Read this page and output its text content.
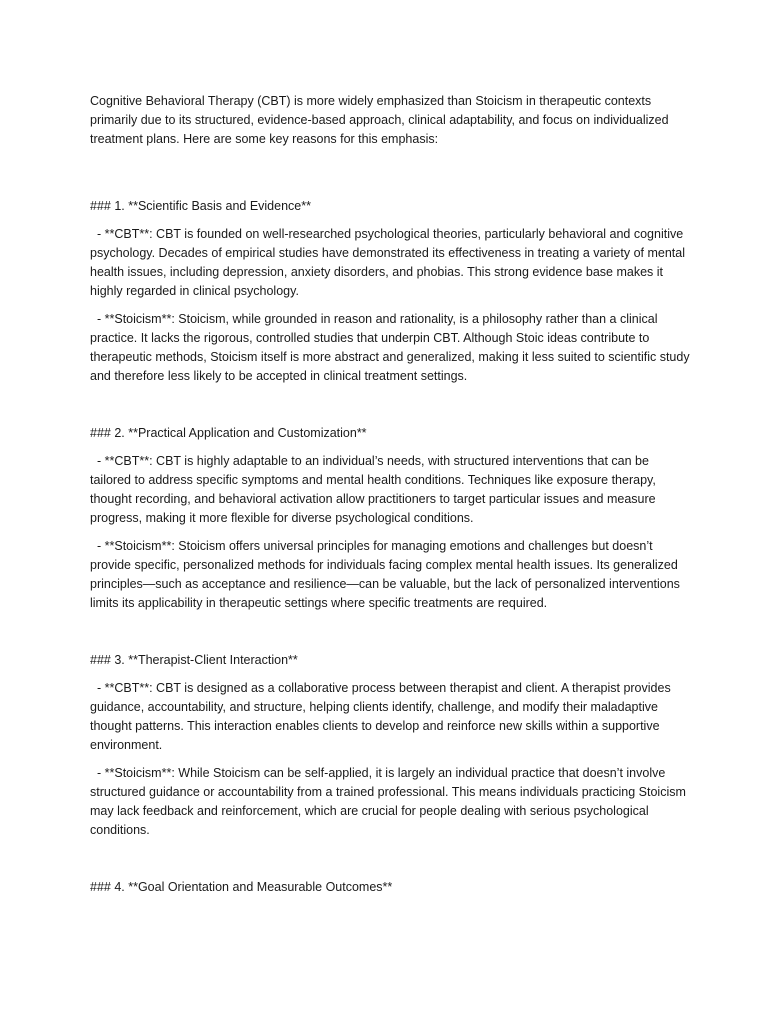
Cognitive Behavioral Therapy (CBT) is more widely emphasized than Stoicism in therapeutic contexts primarily due to its structured, evidence-based approach, clinical adaptability, and focus on individualized treatment plans. Here are some key reasons for this emphasis:

### 1. **Scientific Basis and Evidence**

- **CBT**: CBT is founded on well-researched psychological theories, particularly behavioral and cognitive psychology. Decades of empirical studies have demonstrated its effectiveness in treating a variety of mental health issues, including depression, anxiety disorders, and phobias. This strong evidence base makes it highly regarded in clinical psychology.

- **Stoicism**: Stoicism, while grounded in reason and rationality, is a philosophy rather than a clinical practice. It lacks the rigorous, controlled studies that underpin CBT. Although Stoic ideas contribute to therapeutic methods, Stoicism itself is more abstract and generalized, making it less suited to scientific study and therefore less likely to be accepted in clinical treatment settings.

### 2. **Practical Application and Customization**

- **CBT**: CBT is highly adaptable to an individual’s needs, with structured interventions that can be tailored to address specific symptoms and mental health conditions. Techniques like exposure therapy, thought recording, and behavioral activation allow practitioners to target particular issues and measure progress, making it more flexible for diverse psychological conditions.

- **Stoicism**: Stoicism offers universal principles for managing emotions and challenges but doesn’t provide specific, personalized methods for individuals facing complex mental health issues. Its generalized principles—such as acceptance and resilience—can be valuable, but the lack of personalized interventions limits its applicability in therapeutic settings where specific treatments are required.

### 3. **Therapist-Client Interaction**

- **CBT**: CBT is designed as a collaborative process between therapist and client. A therapist provides guidance, accountability, and structure, helping clients identify, challenge, and modify their maladaptive thought patterns. This interaction enables clients to develop and reinforce new skills within a supportive environment.

- **Stoicism**: While Stoicism can be self-applied, it is largely an individual practice that doesn’t involve structured guidance or accountability from a trained professional. This means individuals practicing Stoicism may lack feedback and reinforcement, which are crucial for people dealing with serious psychological conditions.

### 4. **Goal Orientation and Measurable Outcomes**
